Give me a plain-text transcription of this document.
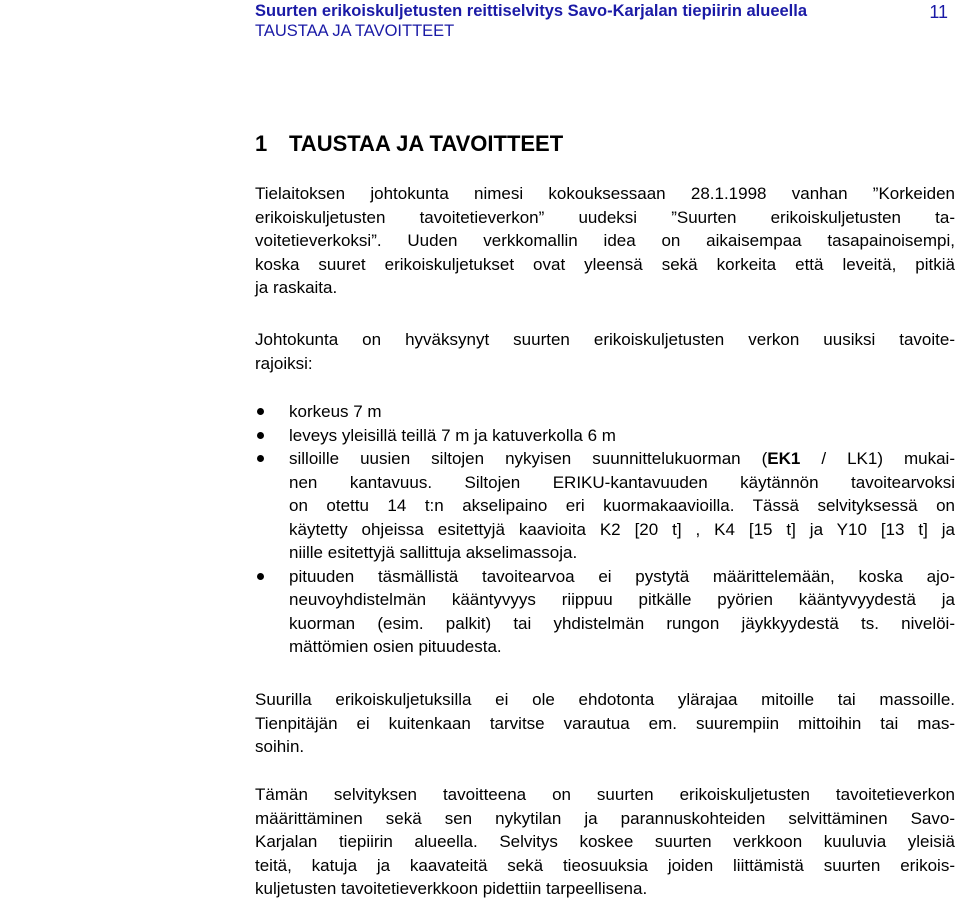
Suurten erikoiskuljetusten reittiselvitys Savo-Karjalan tiepiirin alueella
TAUSTAA JA TAVOITTEET
11
1 TAUSTAA JA TAVOITTEET
Tielaitoksen johtokunta nimesi kokouksessaan 28.1.1998 vanhan ”Korkeiden
erikoiskuljetusten tavoitetieverkon” uudeksi ”Suurten erikoiskuljetusten ta-
voitetieverkoksi”. Uuden verkkomallin idea on aikaisempaa tasapainoisempi,
koska suuret erikoiskuljetukset ovat yleensä sekä korkeita että leveitä, pitkiä
ja raskaita.
Johtokunta on hyväksynyt suurten erikoiskuljetusten verkon uusiksi tavoite-
rajoiksi:
korkeus 7 m
leveys yleisillä teillä 7 m ja katuverkolla 6 m
silloille uusien siltojen nykyisen suunnittelukuorman (EK1 / LK1) mukai-
nen kantavuus. Siltojen ERIKU-kantavuuden käytännön tavoitearvoksi
on otettu 14 t:n akselipaino eri kuormakaavioilla. Tässä selvityksessä on
käytetty ohjeissa esitettyjä kaavioita K2 [20 t] , K4 [15 t] ja Y10 [13 t] ja
niille esitettyjä sallittuja akselimassoja.
pituuden täsmällistä tavoitearvoa ei pystytä määrittelemään, koska ajo-
neuvoyhdistelmän kääntyvyys riippuu pitkälle pyörien kääntyvyydestä ja
kuorman (esim. palkit) tai yhdistelmän rungon jäykkyydestä ts. nivelöi-
mättömien osien pituudesta.
Suurilla erikoiskuljetuksilla ei ole ehdotonta ylärajaa mitoille tai massoille.
Tienpitäjän ei kuitenkaan tarvitse varautua em. suurempiin mittoihin tai mas-
soihin.
Tämän selvityksen tavoitteena on suurten erikoiskuljetusten tavoitetieverkon
määrittäminen sekä sen nykytilan ja parannuskohteiden selvittäminen Savo-
Karjalan tiepiirin alueella. Selvitys koskee suurten verkkoon kuuluvia yleisiä
teitä, katuja ja kaavateitä sekä tieosuuksia joiden liittämistä suurten erikois-
kuljetusten tavoitetieverkkoon pidettiin tarpeellisena.
